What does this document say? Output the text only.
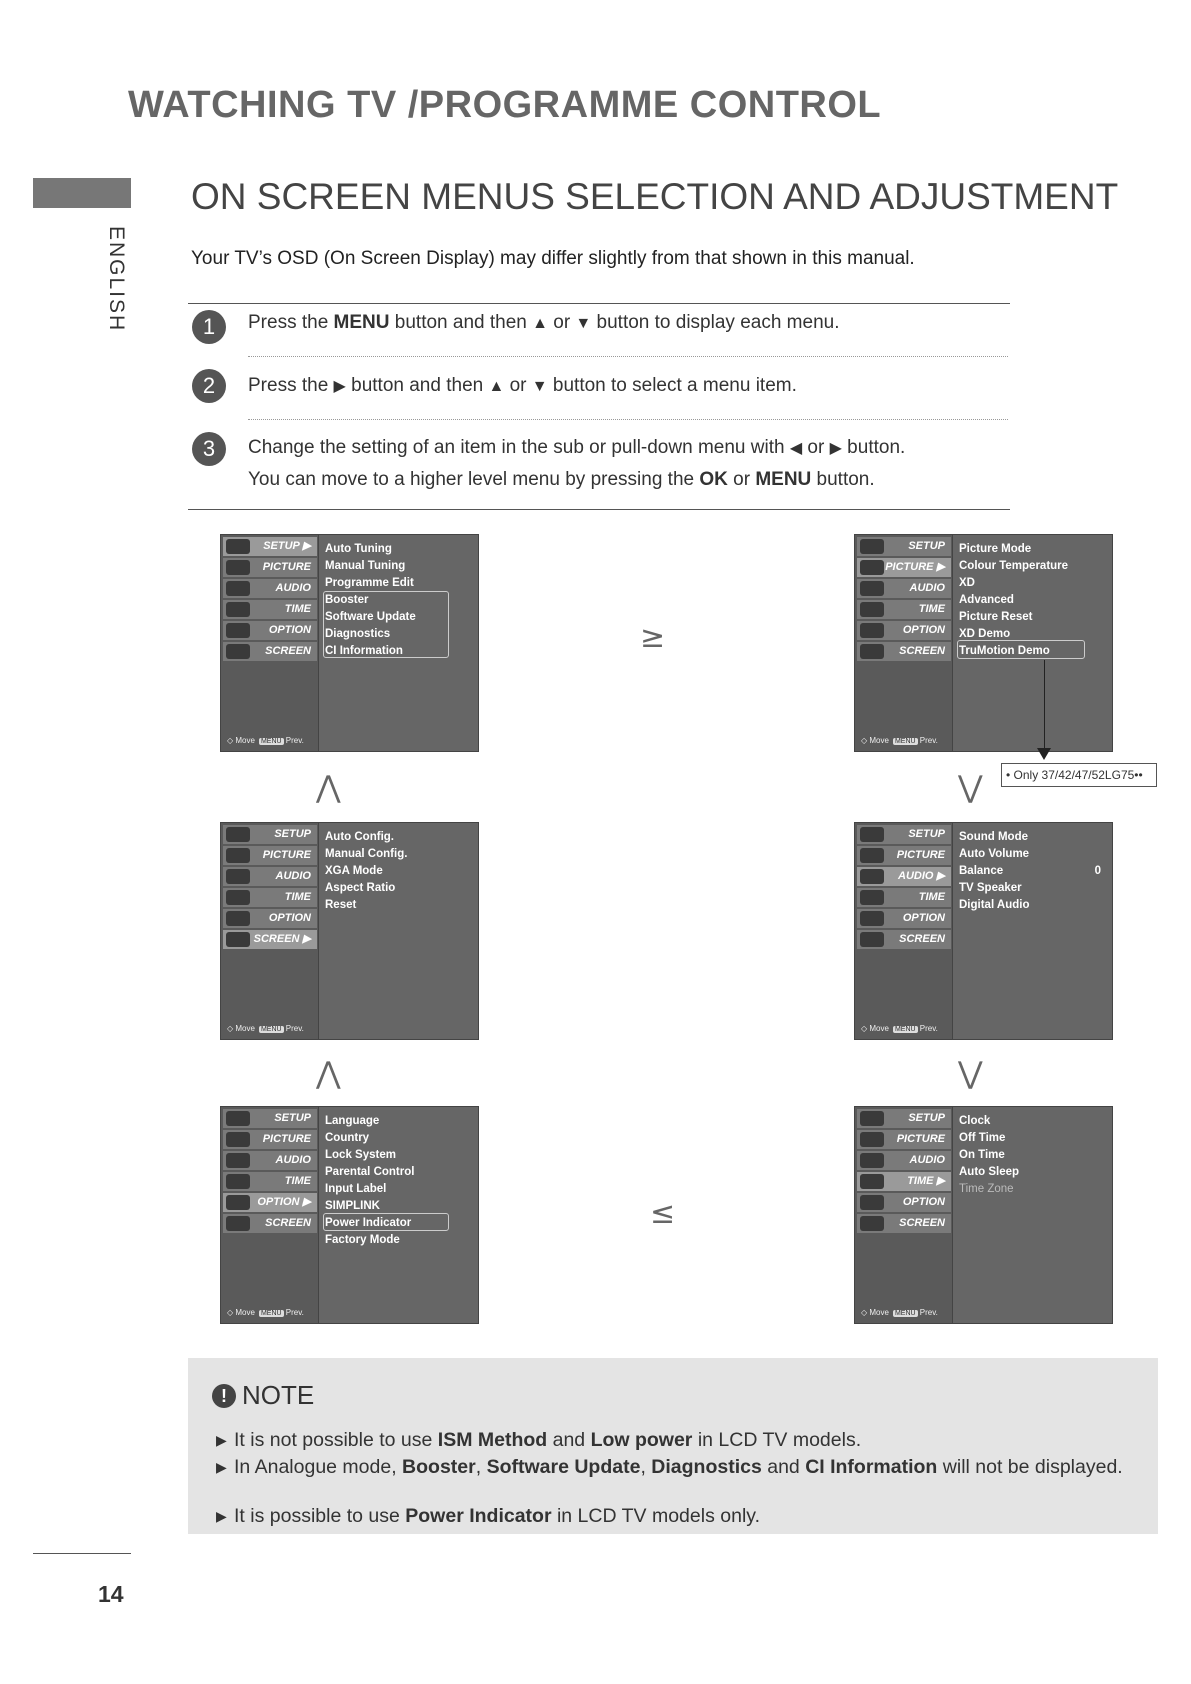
WATCHING TV /PROGRAMME CONTROL
ENGLISH
ON SCREEN MENUS SELECTION AND ADJUSTMENT
Your TV’s OSD (On Screen Display) may differ slightly from that shown in this manual.
1	Press the MENU button and then ▲ or ▼ button to display each menu.
2	Press the ▶ button and then ▲ or ▼ button to select a menu item.
3	Change the setting of an item in the sub or pull-down menu with ◀ or ▶ button.
You can move to a higher level menu by pressing the OK or MENU button.
SETUP ▶
PICTURE
AUDIO
TIME
OPTION
SCREEN
◇ Move MENU Prev.
Auto Tuning
Manual Tuning
Programme Edit
Booster
Software Update
Diagnostics
CI Information
SETUP
PICTURE ▶
AUDIO
TIME
OPTION
SCREEN
◇ Move MENU Prev.
Picture Mode
Colour Temperature
XD
Advanced
Picture Reset
XD Demo
TruMotion Demo
• Only 37/42/47/52LG75••
SETUP
PICTURE
AUDIO
TIME
OPTION
SCREEN ▶
◇ Move MENU Prev.
Auto Config.
Manual Config.
XGA Mode
Aspect Ratio
Reset
SETUP
PICTURE
AUDIO ▶
TIME
OPTION
SCREEN
◇ Move MENU Prev.
Sound Mode
Auto Volume
Balance	0
TV Speaker
Digital Audio
SETUP
PICTURE
AUDIO
TIME
OPTION ▶
SCREEN
◇ Move MENU Prev.
Language
Country
Lock System
Parental Control
Input Label
SIMPLINK
Power Indicator
Factory Mode
SETUP
PICTURE
AUDIO
TIME ▶
OPTION
SCREEN
◇ Move MENU Prev.
Clock
Off Time
On Time
Auto Sleep
Time Zone
≥
⋀	⋁
⋀	⋁
≤
! NOTE
▶ It is not possible to use ISM Method and Low power in LCD TV models.
▶ In Analogue mode, Booster, Software Update, Diagnostics and CI Information will not be displayed.
▶ It is possible to use Power Indicator in LCD TV models only.
14
